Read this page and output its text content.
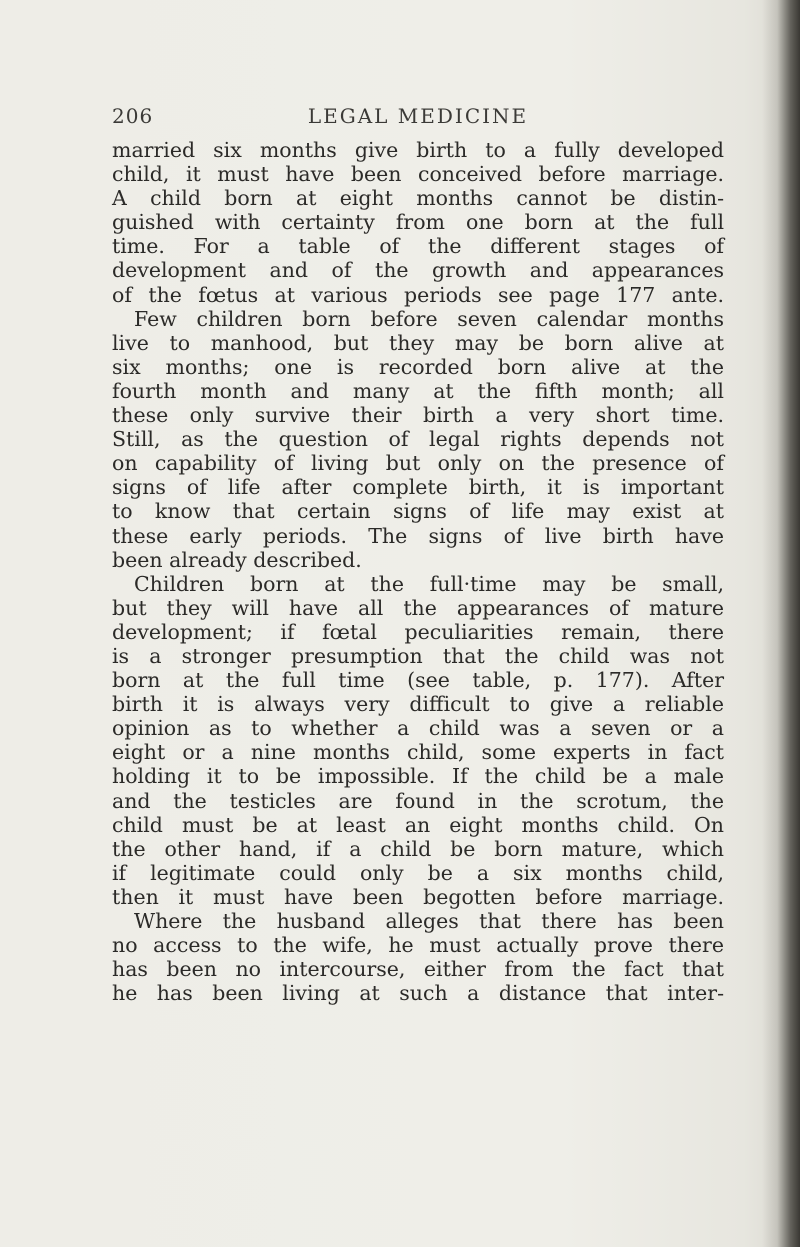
206	LEGAL MEDICINE
married six months give birth to a fully developed
child, it must have been conceived before marriage.
A child born at eight months cannot be distin-
guished with certainty from one born at the full
time. For a table of the different stages of
development and of the growth and appearances
of the fœtus at various periods see page 177 ante.
Few children born before seven calendar months
live to manhood, but they may be born alive at
six months; one is recorded born alive at the
fourth month and many at the fifth month; all
these only survive their birth a very short time.
Still, as the question of legal rights depends not
on capability of living but only on the presence of
signs of life after complete birth, it is important
to know that certain signs of life may exist at
these early periods. The signs of live birth have
been already described.
Children born at the full·time may be small,
but they will have all the appearances of mature
development; if fœtal peculiarities remain, there
is a stronger presumption that the child was not
born at the full time (see table, p. 177). After
birth it is always very difficult to give a reliable
opinion as to whether a child was a seven or a
eight or a nine months child, some experts in fact
holding it to be impossible. If the child be a male
and the testicles are found in the scrotum, the
child must be at least an eight months child. On
the other hand, if a child be born mature, which
if legitimate could only be a six months child,
then it must have been begotten before marriage.
Where the husband alleges that there has been
no access to the wife, he must actually prove there
has been no intercourse, either from the fact that
he has been living at such a distance that inter-
